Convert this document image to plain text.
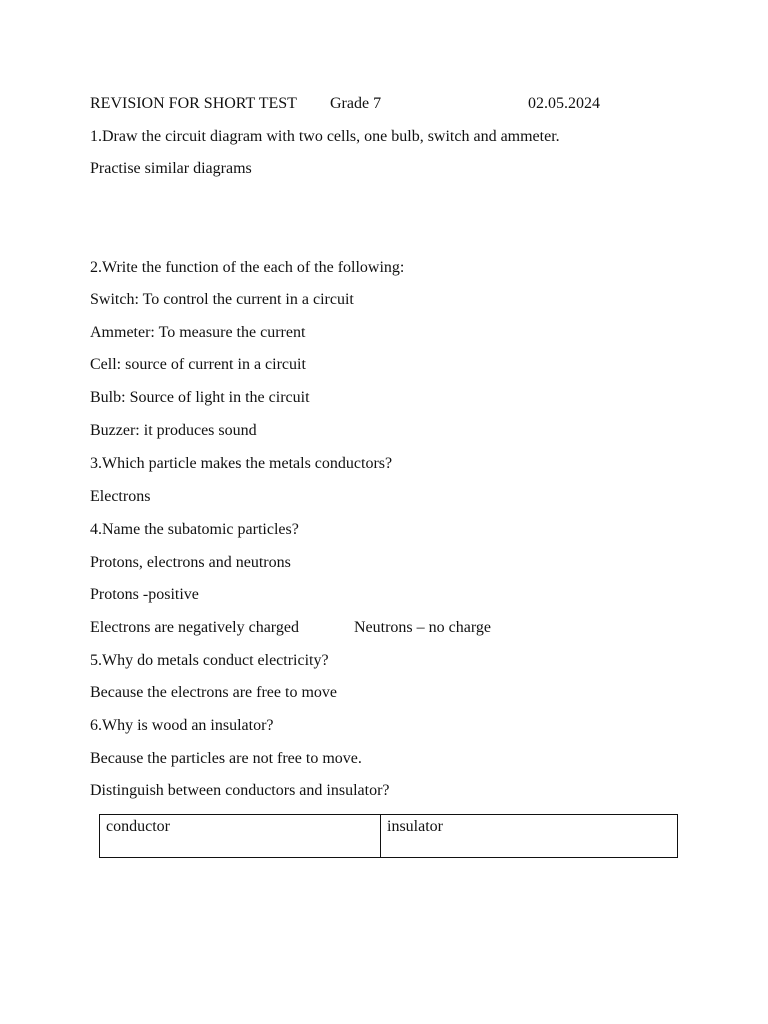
REVISION FOR SHORT TEST Grade 7	02.05.2024
1.Draw the circuit diagram with two cells, one bulb, switch and ammeter.
Practise similar diagrams
2.Write the function of the each of the following:
Switch: To control the current in a circuit
Ammeter: To measure the current
Cell: source of current in a circuit
Bulb: Source of light in the circuit
Buzzer: it produces sound
3.Which particle makes the metals conductors?
Electrons
4.Name the subatomic particles?
Protons, electrons and neutrons
Protons -positive
Electrons are negatively charged	Neutrons – no charge
5.Why do metals conduct electricity?
Because the electrons are free to move
6.Why is wood an insulator?
Because the particles are not free to move.
Distinguish between conductors and insulator?
conductor	insulator
